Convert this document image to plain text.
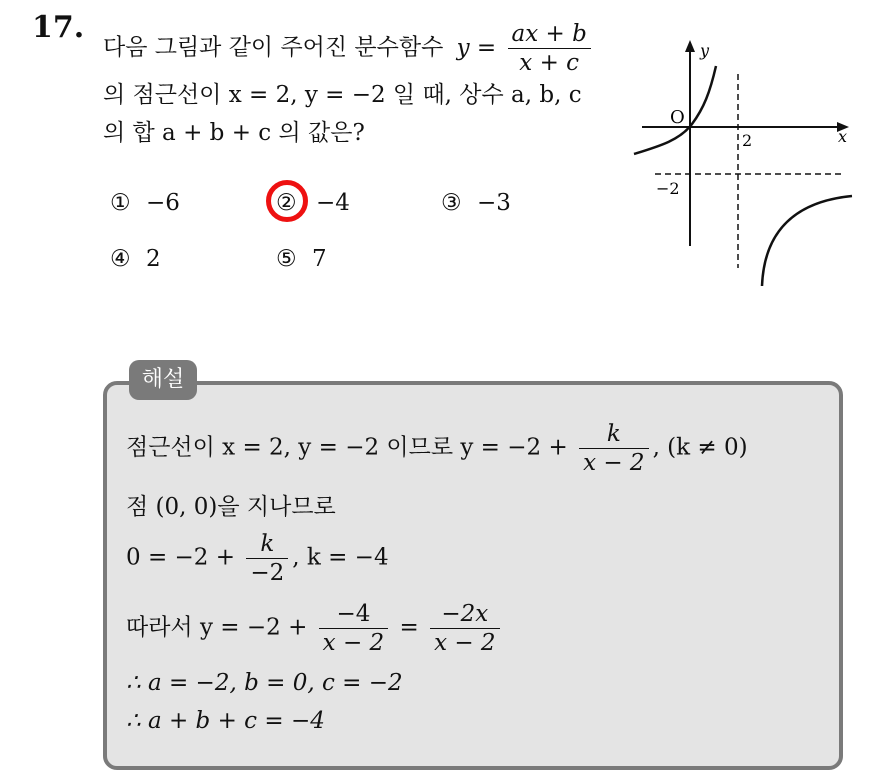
17.
다음 그림과 같이 주어진 분수함수 $y = \frac{ax + b}{x + c}$
의 점근선이 x = 2, y = −2 일 때, 상수 a, b, c
의 합 a + b + c 의 값은?
① −6	② −4	③ −3
④ 2	⑤ 7
y
x
O
2
−2
해설
점근선이 x = 2, y = −2 이므로 $y = -2 + \frac{k}{x - 2}$ , (k ≠ 0)
점 (0, 0)을 지나므로
$0 = -2 + \frac{k}{-2}$ , k = −4
따라서 $y = -2 + \frac{-4}{x - 2} = \frac{-2x}{x - 2}$
∴ a = −2, b = 0, c = −2
∴ a + b + c = −4
